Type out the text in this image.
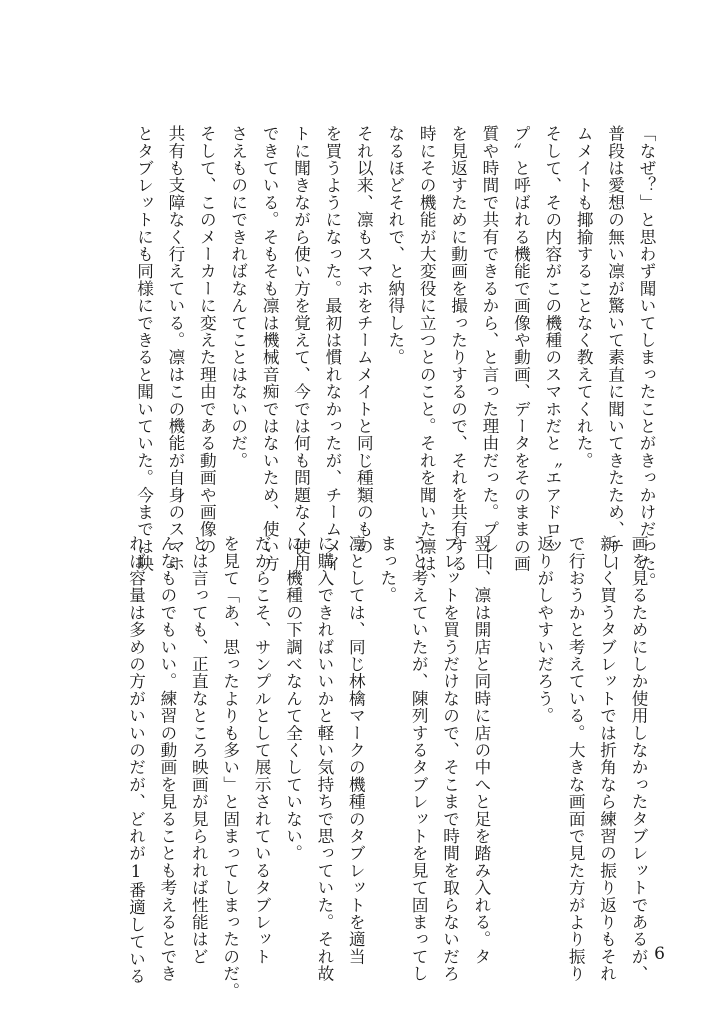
「なぜ？」と思わず聞いてしまったことがきっかけだった。

普段は愛想の無い凛が驚いて素直に聞いてきたため、チー

ムメイトも揶揄することなく教えてくれた。

そして、その内容がこの機種のスマホだと〝エアドロッ

プ〟と呼ばれる機能で画像や動画、データをそのままの画

質や時間で共有できるから、と言った理由だった。プレー

を見返すために動画を撮ったりするので、それを共有する

時にその機能が大変役に立つとのこと。それを聞いた凛は、

なるほどそれで、と納得した。

それ以来、凛もスマホをチームメイトと同じ種類のもの

を買うようになった。最初は慣れなかったが、チームメイ

トに聞きながら使い方を覚えて、今では何も問題なく使用

できている。そもそも凛は機械音痴ではないため、使い方

さえものにできればなんてことはないのだ。

そして、このメーカーに変えた理由である動画や画像の

共有も支障なく行えている。凛はこの機能が自身のスマホ

とタブレットにも同様にできると聞いていた。今までは映

画を見るためにしか使用しなかったタブレットであるが、

新しく買うタブレットでは折角なら練習の振り返りもそれ

で行おうかと考えている。大きな画面で見た方がより振り

返りがしやすいだろう。

翌日、凛は開店と同時に店の中へと足を踏み入れる。タ

ブレットを買うだけなので、そこまで時間を取らないだろ

うと考えていたが、陳列するタブレットを見て固まってし

まった。

凛としては、同じ林檎マークの機種のタブレットを適当

に購入できればいいかと軽い気持ちで思っていた。それ故

に、機種の下調べなんて全くしていない。

だからこそ、サンプルとして展示されているタブレット

を見て「あ、思ったよりも多い」と固まってしまったのだ。

とは言っても、正直なところ映画が見られれば性能はど

んなものでもいい。練習の動画を見ることも考えるとでき

れば容量は多めの方がいいのだが、どれが1番適している	6
